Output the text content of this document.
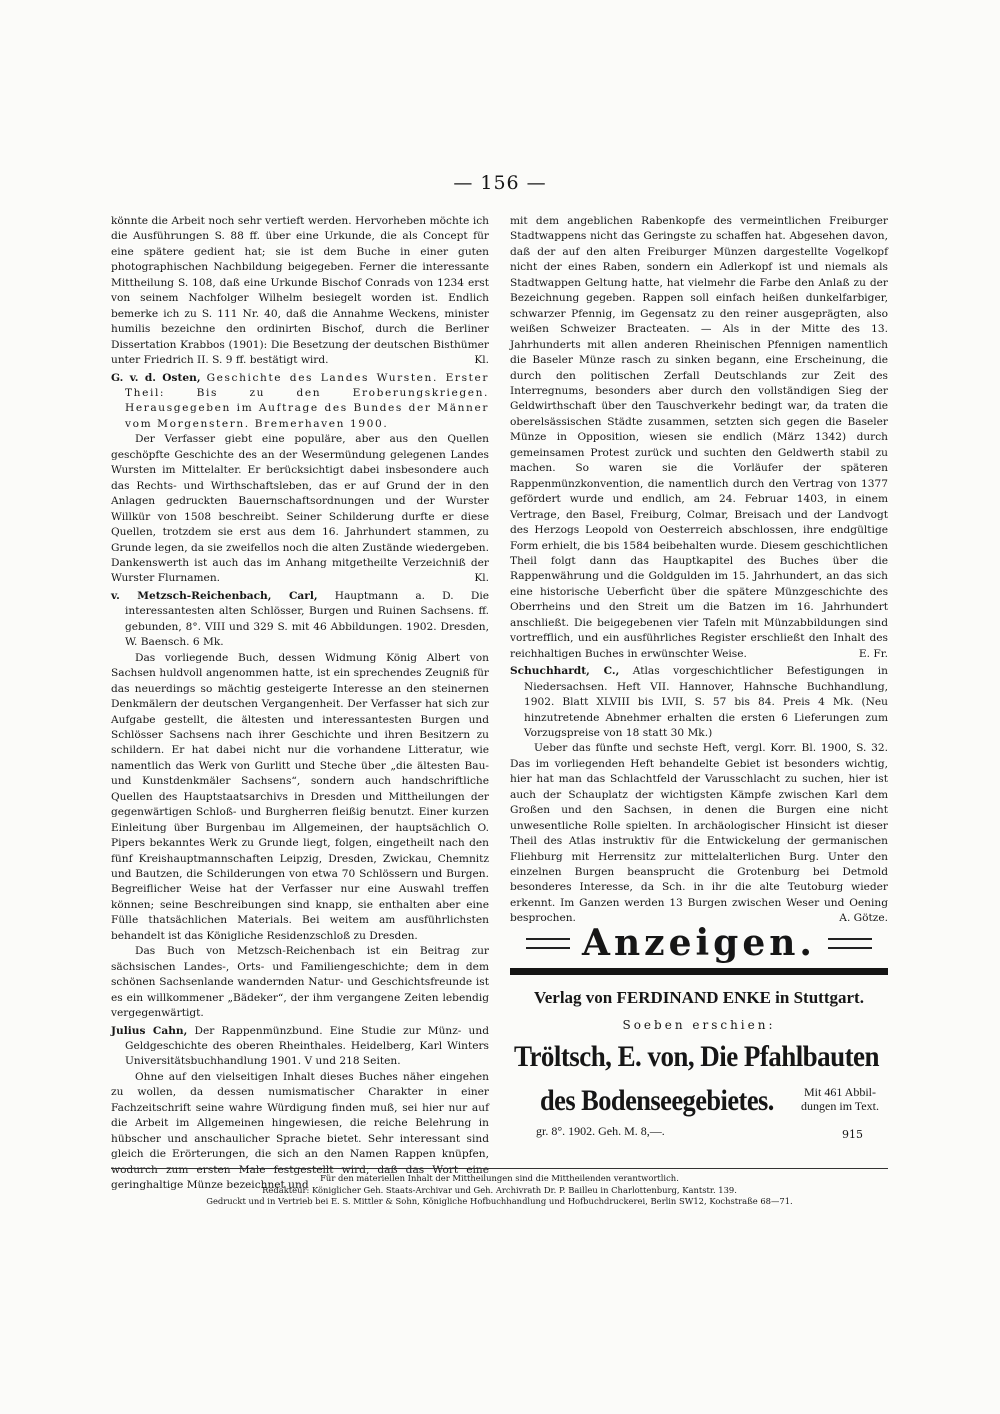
— 156 —

könnte die Arbeit noch sehr vertieft werden. Hervorheben möchte ich die Ausführungen S. 88 ff. über eine Urkunde, die als Concept für eine spätere gedient hat; sie ist dem Buche in einer guten photographischen Nachbildung beigegeben. Ferner die interessante Mittheilung S. 108, daß eine Urkunde Bischof Conrads von 1234 erst von seinem Nachfolger Wilhelm besiegelt worden ist. Endlich bemerke ich zu S. 111 Nr. 40, daß die Annahme Weckens, minister humilis bezeichne den ordinirten Bischof, durch die Berliner Dissertation Krabbos (1901): Die Besetzung der deutschen Bisthümer unter Friedrich II. S. 9 ff. bestätigt wird.	Kl.

G. v. d. Osten, Geschichte des Landes Wursten. Erster Theil: Bis zu den Eroberungskriegen. Herausgegeben im Auftrage des Bundes der Männer vom Morgenstern. Bremerhaven 1900.

Der Verfasser giebt eine populäre, aber aus den Quellen geschöpfte Geschichte des an der Wesermündung gelegenen Landes Wursten im Mittelalter. Er berücksichtigt dabei insbesondere auch das Rechts- und Wirthschaftsleben, das er auf Grund der in den Anlagen gedruckten Bauernschaftsordnungen und der Wurster Willkür von 1508 beschreibt. Seiner Schilderung durfte er diese Quellen, trotzdem sie erst aus dem 16. Jahrhundert stammen, zu Grunde legen, da sie zweifellos noch die alten Zustände wiedergeben. Dankenswerth ist auch das im Anhang mitgetheilte Verzeichniß der Wurster Flurnamen.	Kl.

v. Metzsch-Reichenbach, Carl, Hauptmann a. D. Die interessantesten alten Schlösser, Burgen und Ruinen Sachsens. ff. gebunden, 8°. VIII und 329 S. mit 46 Abbildungen. 1902. Dresden, W. Baensch. 6 Mk.

Das vorliegende Buch, dessen Widmung König Albert von Sachsen huldvoll angenommen hatte, ist ein sprechendes Zeugniß für das neuerdings so mächtig gesteigerte Interesse an den steinernen Denkmälern der deutschen Vergangenheit. Der Verfasser hat sich zur Aufgabe gestellt, die ältesten und interessantesten Burgen und Schlösser Sachsens nach ihrer Geschichte und ihren Besitzern zu schildern. Er hat dabei nicht nur die vorhandene Litteratur, wie namentlich das Werk von Gurlitt und Steche über „die ältesten Bau- und Kunstdenkmäler Sachsens“, sondern auch handschriftliche Quellen des Hauptstaatsarchivs in Dresden und Mittheilungen der gegenwärtigen Schloß- und Burgherren fleißig benutzt. Einer kurzen Einleitung über Burgenbau im Allgemeinen, der hauptsächlich O. Pipers bekanntes Werk zu Grunde liegt, folgen, eingetheilt nach den fünf Kreishauptmannschaften Leipzig, Dresden, Zwickau, Chemnitz und Bautzen, die Schilderungen von etwa 70 Schlössern und Burgen. Begreiflicher Weise hat der Verfasser nur eine Auswahl treffen können; seine Beschreibungen sind knapp, sie enthalten aber eine Fülle thatsächlichen Materials. Bei weitem am ausführlichsten behandelt ist das Königliche Residenzschloß zu Dresden.

Das Buch von Metzsch-Reichenbach ist ein Beitrag zur sächsischen Landes-, Orts- und Familiengeschichte; dem in dem schönen Sachsenlande wandernden Natur- und Geschichtsfreunde ist es ein willkommener „Bädeker“, der ihm vergangene Zeiten lebendig vergegenwärtigt.

Julius Cahn, Der Rappenmünzbund. Eine Studie zur Münz- und Geldgeschichte des oberen Rheinthales. Heidelberg, Karl Winters Universitätsbuchhandlung 1901. V und 218 Seiten.

Ohne auf den vielseitigen Inhalt dieses Buches näher eingehen zu wollen, da dessen numismatischer Charakter in einer Fachzeitschrift seine wahre Würdigung finden muß, sei hier nur auf die Arbeit im Allgemeinen hingewiesen, die reiche Belehrung in hübscher und anschaulicher Sprache bietet. Sehr interessant sind gleich die Erörterungen, die sich an den Namen Rappen knüpfen, wodurch zum ersten Male festgestellt wird, daß das Wort eine geringhaltige Münze bezeichnet und

mit dem angeblichen Rabenkopfe des vermeintlichen Freiburger Stadtwappens nicht das Geringste zu schaffen hat. Abgesehen davon, daß der auf den alten Freiburger Münzen dargestellte Vogelkopf nicht der eines Raben, sondern ein Adlerkopf ist und niemals als Stadtwappen Geltung hatte, hat vielmehr die Farbe den Anlaß zu der Bezeichnung gegeben. Rappen soll einfach heißen dunkelfarbiger, schwarzer Pfennig, im Gegensatz zu den reiner ausgeprägten, also weißen Schweizer Bracteaten. — Als in der Mitte des 13. Jahrhunderts mit allen anderen Rheinischen Pfennigen namentlich die Baseler Münze rasch zu sinken begann, eine Erscheinung, die durch den politischen Zerfall Deutschlands zur Zeit des Interregnums, besonders aber durch den vollständigen Sieg der Geldwirthschaft über den Tauschverkehr bedingt war, da traten die oberelsässischen Städte zusammen, setzten sich gegen die Baseler Münze in Opposition, wiesen sie endlich (März 1342) durch gemeinsamen Protest zurück und suchten den Geldwerth stabil zu machen. So waren sie die Vorläufer der späteren Rappenmünzkonvention, die namentlich durch den Vertrag von 1377 gefördert wurde und endlich, am 24. Februar 1403, in einem Vertrage, den Basel, Freiburg, Colmar, Breisach und der Landvogt des Herzogs Leopold von Oesterreich abschlossen, ihre endgültige Form erhielt, die bis 1584 beibehalten wurde. Diesem geschichtlichen Theil folgt dann das Hauptkapitel des Buches über die Rappenwährung und die Goldgulden im 15. Jahrhundert, an das sich eine historische Ueberficht über die spätere Münzgeschichte des Oberrheins und den Streit um die Batzen im 16. Jahrhundert anschließt. Die beigegebenen vier Tafeln mit Münzabbildungen sind vortrefflich, und ein ausführliches Register erschließt den Inhalt des reichhaltigen Buches in erwünschter Weise.	E. Fr.

Schuchhardt, C., Atlas vorgeschichtlicher Befestigungen in Niedersachsen. Heft VII. Hannover, Hahnsche Buchhandlung, 1902. Blatt XLVIII bis LVII, S. 57 bis 84. Preis 4 Mk. (Neu hinzutretende Abnehmer erhalten die ersten 6 Lieferungen zum Vorzugspreise von 18 statt 30 Mk.)

Ueber das fünfte und sechste Heft, vergl. Korr. Bl. 1900, S. 32. Das im vorliegenden Heft behandelte Gebiet ist besonders wichtig, hier hat man das Schlachtfeld der Varusschlacht zu suchen, hier ist auch der Schauplatz der wichtigsten Kämpfe zwischen Karl dem Großen und den Sachsen, in denen die Burgen eine nicht unwesentliche Rolle spielten. In archäologischer Hinsicht ist dieser Theil des Atlas instruktiv für die Entwickelung der germanischen Fliehburg mit Herrensitz zur mittelalterlichen Burg. Unter den einzelnen Burgen beansprucht die Grotenburg bei Detmold besonderes Interesse, da Sch. in ihr die alte Teutoburg wieder erkennt. Im Ganzen werden 13 Burgen zwischen Weser und Oening besprochen.	A. Götze.

Anzeigen.
Verlag von FERDINAND ENKE in Stuttgart.
Soeben erschien:
Tröltsch, E. von, Die Pfahlbauten
des Bodenseegebietes.	Mit 461 Abbil-
dungen im Text.
gr. 8°. 1902. Geh. M. 8,—.	915
Für den materiellen Inhalt der Mittheilungen sind die Mittheilenden verantwortlich.
Redakteur: Königlicher Geh. Staats-Archivar und Geh. Archivrath Dr. P. Bailleu in Charlottenburg, Kantstr. 139.
Gedruckt und in Vertrieb bei E. S. Mittler & Sohn, Königliche Hofbuchhandlung und Hofbuchdruckerei, Berlin SW12, Kochstraße 68—71.
